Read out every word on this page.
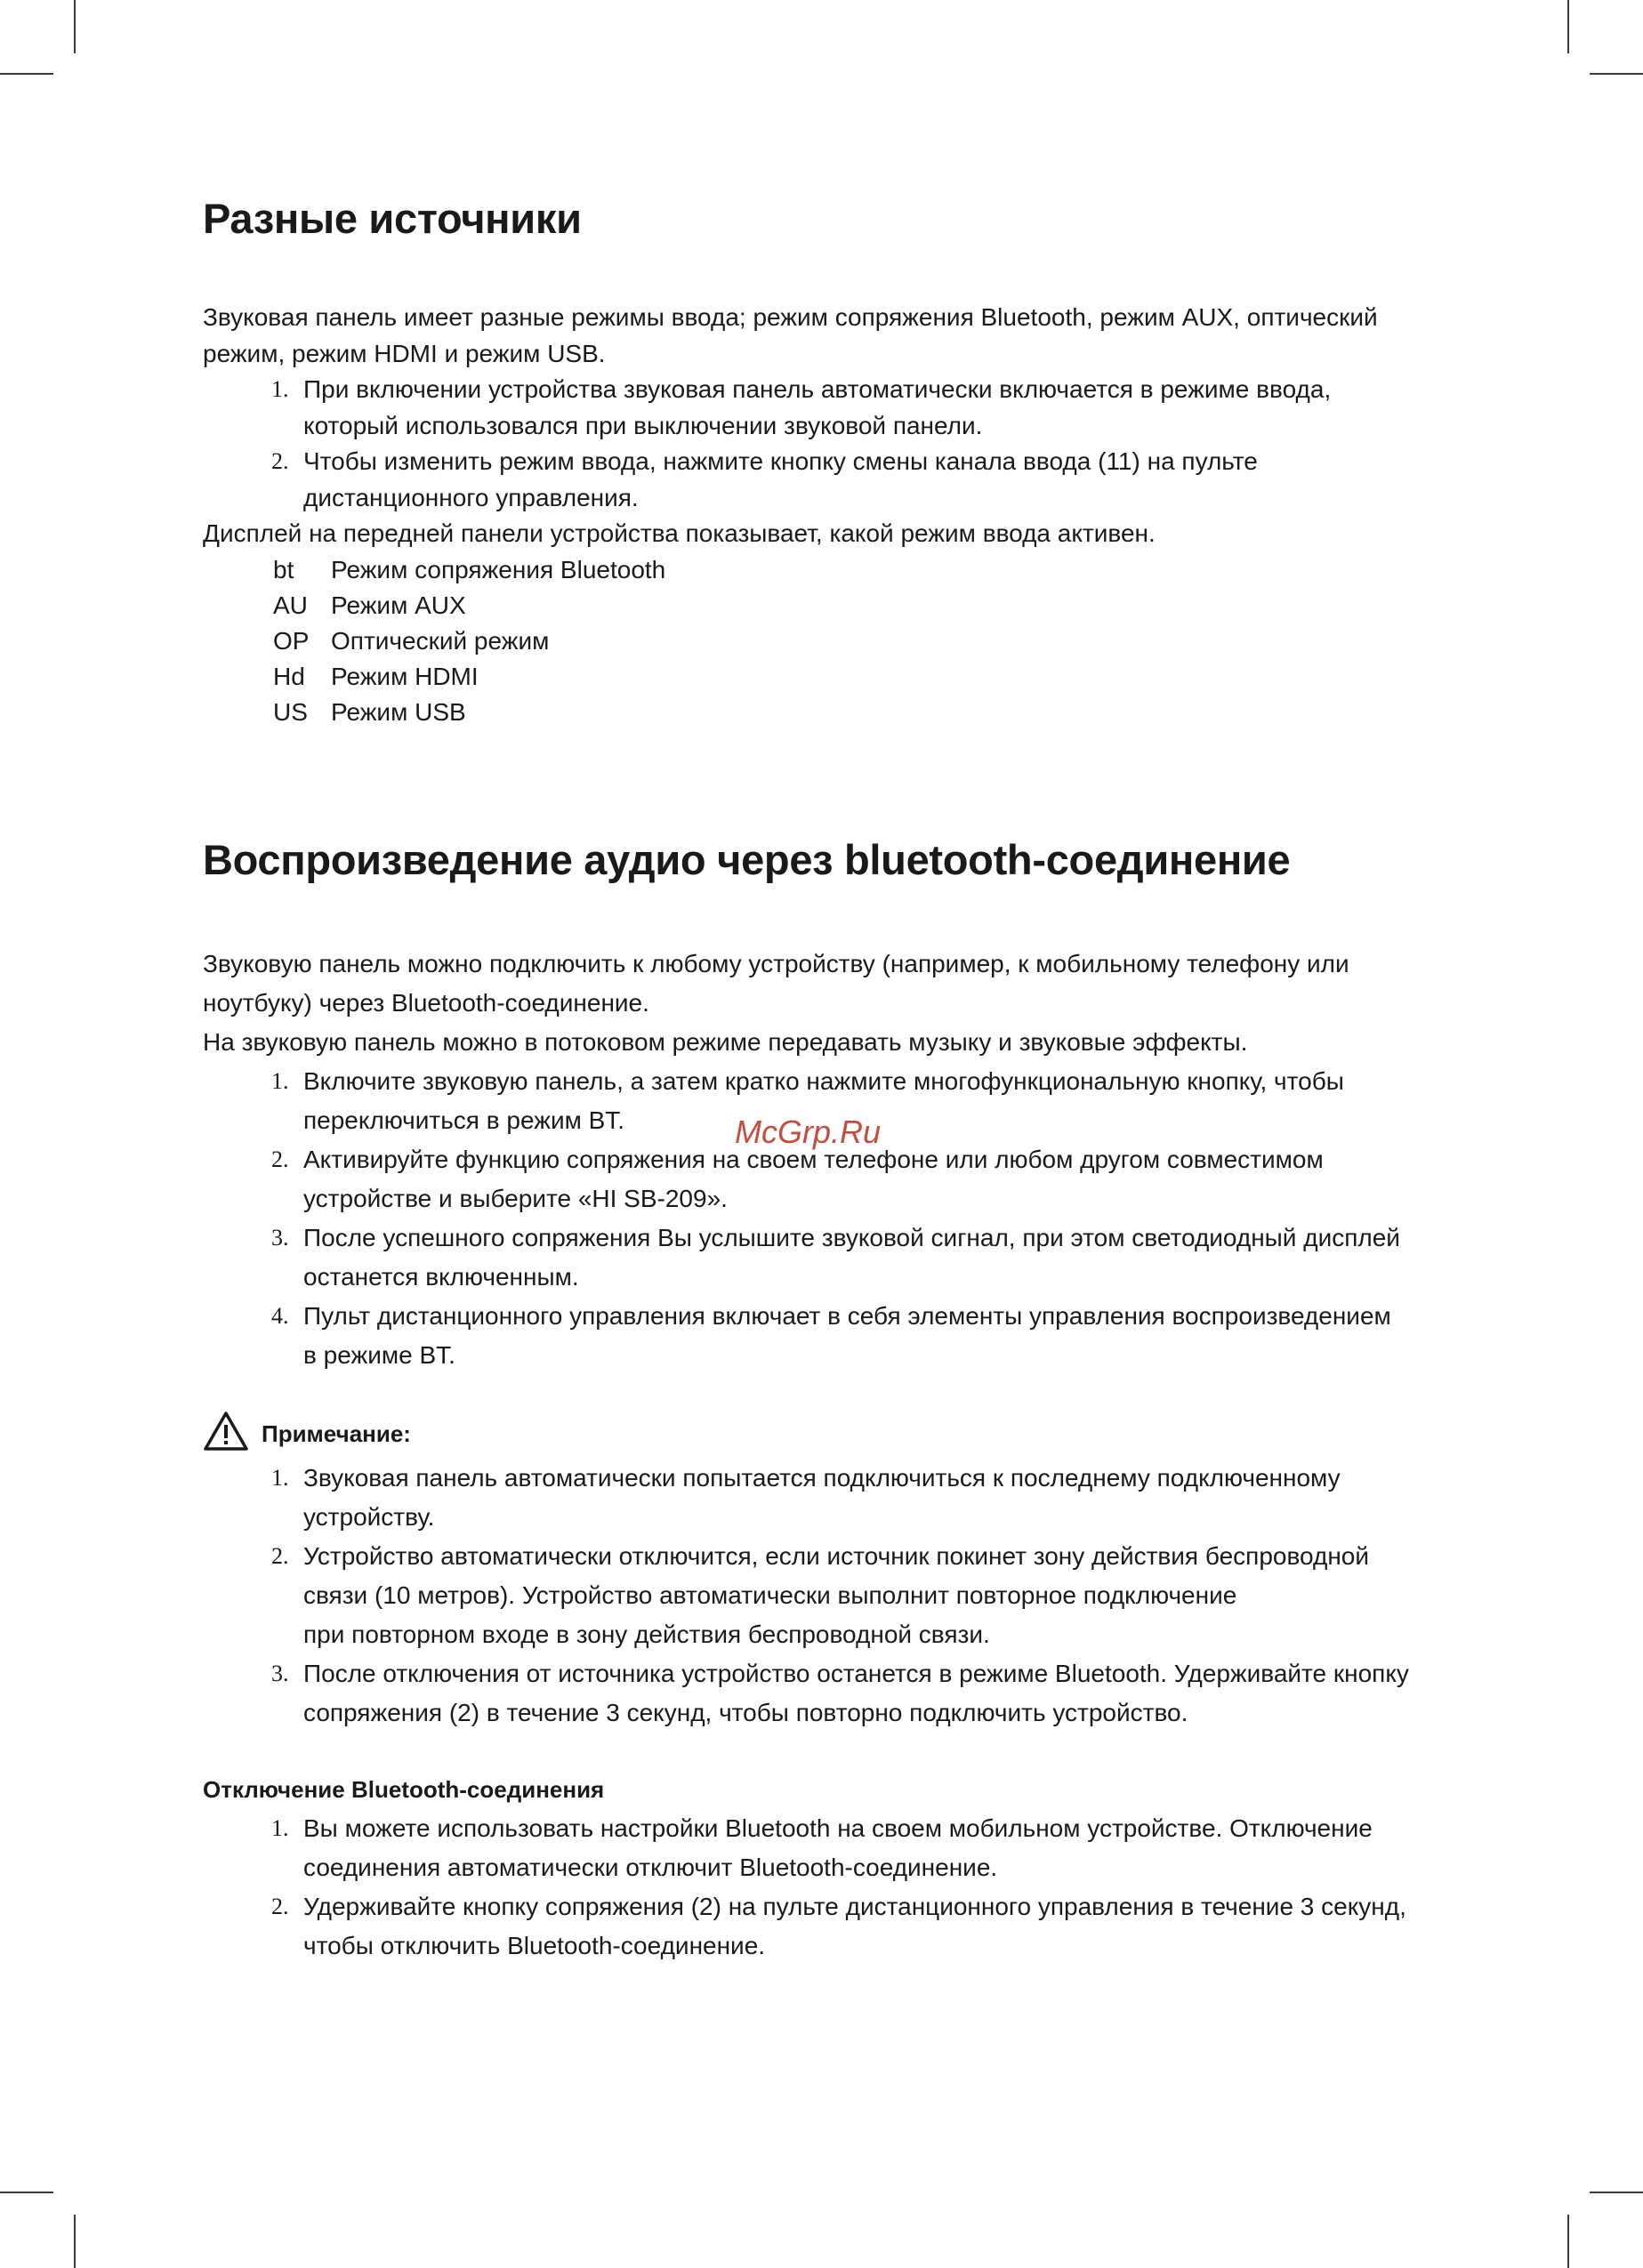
Разные источники

Звуковая панель имеет разные режимы ввода; режим сопряжения Bluetooth, режим AUX, оптический

режим, режим HDMI и режим USB.

1. При включении устройства звуковая панель автоматически включается в режиме ввода,
который использовался при выключении звуковой панели.
2. Чтобы изменить режим ввода, нажмите кнопку смены канала ввода (11) на пульте
дистанционного управления.

Дисплей на передней панели устройства показывает, какой режим ввода активен.

bt	Режим сопряжения Bluetooth
AU Режим AUX
OP Оптический режим
Hd	Режим HDMI
US Режим USB
Воспроизведение аудио через bluetooth-соединение

Звуковую панель можно подключить к любому устройству (например, к мобильному телефону или

ноутбуку) через Bluetooth-соединение.

На звуковую панель можно в потоковом режиме передавать музыку и звуковые эффекты.

1. Включите звуковую панель, а затем кратко нажмите многофункциональную кнопку, чтобы
переключиться в режим BT.
2. Активируйте функцию сопряжения на своем телефоне или любом другом совместимом
устройстве и выберите «HI SB-209».
3. После успешного сопряжения Вы услышите звуковой сигнал, при этом светодиодный дисплей
останется включенным.
4. Пульт дистанционного управления включает в себя элементы управления воспроизведением
в режиме BT.
Примечание:
1. Звуковая панель автоматически попытается подключиться к последнему подключенному
устройству.
2. Устройство автоматически отключится, если источник покинет зону действия беспроводной
связи (10 метров). Устройство автоматически выполнит повторное подключение
при повторном входе в зону действия беспроводной связи.
3. После отключения от источника устройство останется в режиме Bluetooth. Удерживайте кнопку
сопряжения (2) в течение 3 секунд, чтобы повторно подключить устройство.
Отключение Bluetooth-соединения
1. Вы можете использовать настройки Bluetooth на своем мобильном устройстве. Отключение
соединения автоматически отключит Bluetooth-соединение.
2. Удерживайте кнопку сопряжения (2) на пульте дистанционного управления в течение 3 секунд,
чтобы отключить Bluetooth-соединение.
McGrp.Ru
